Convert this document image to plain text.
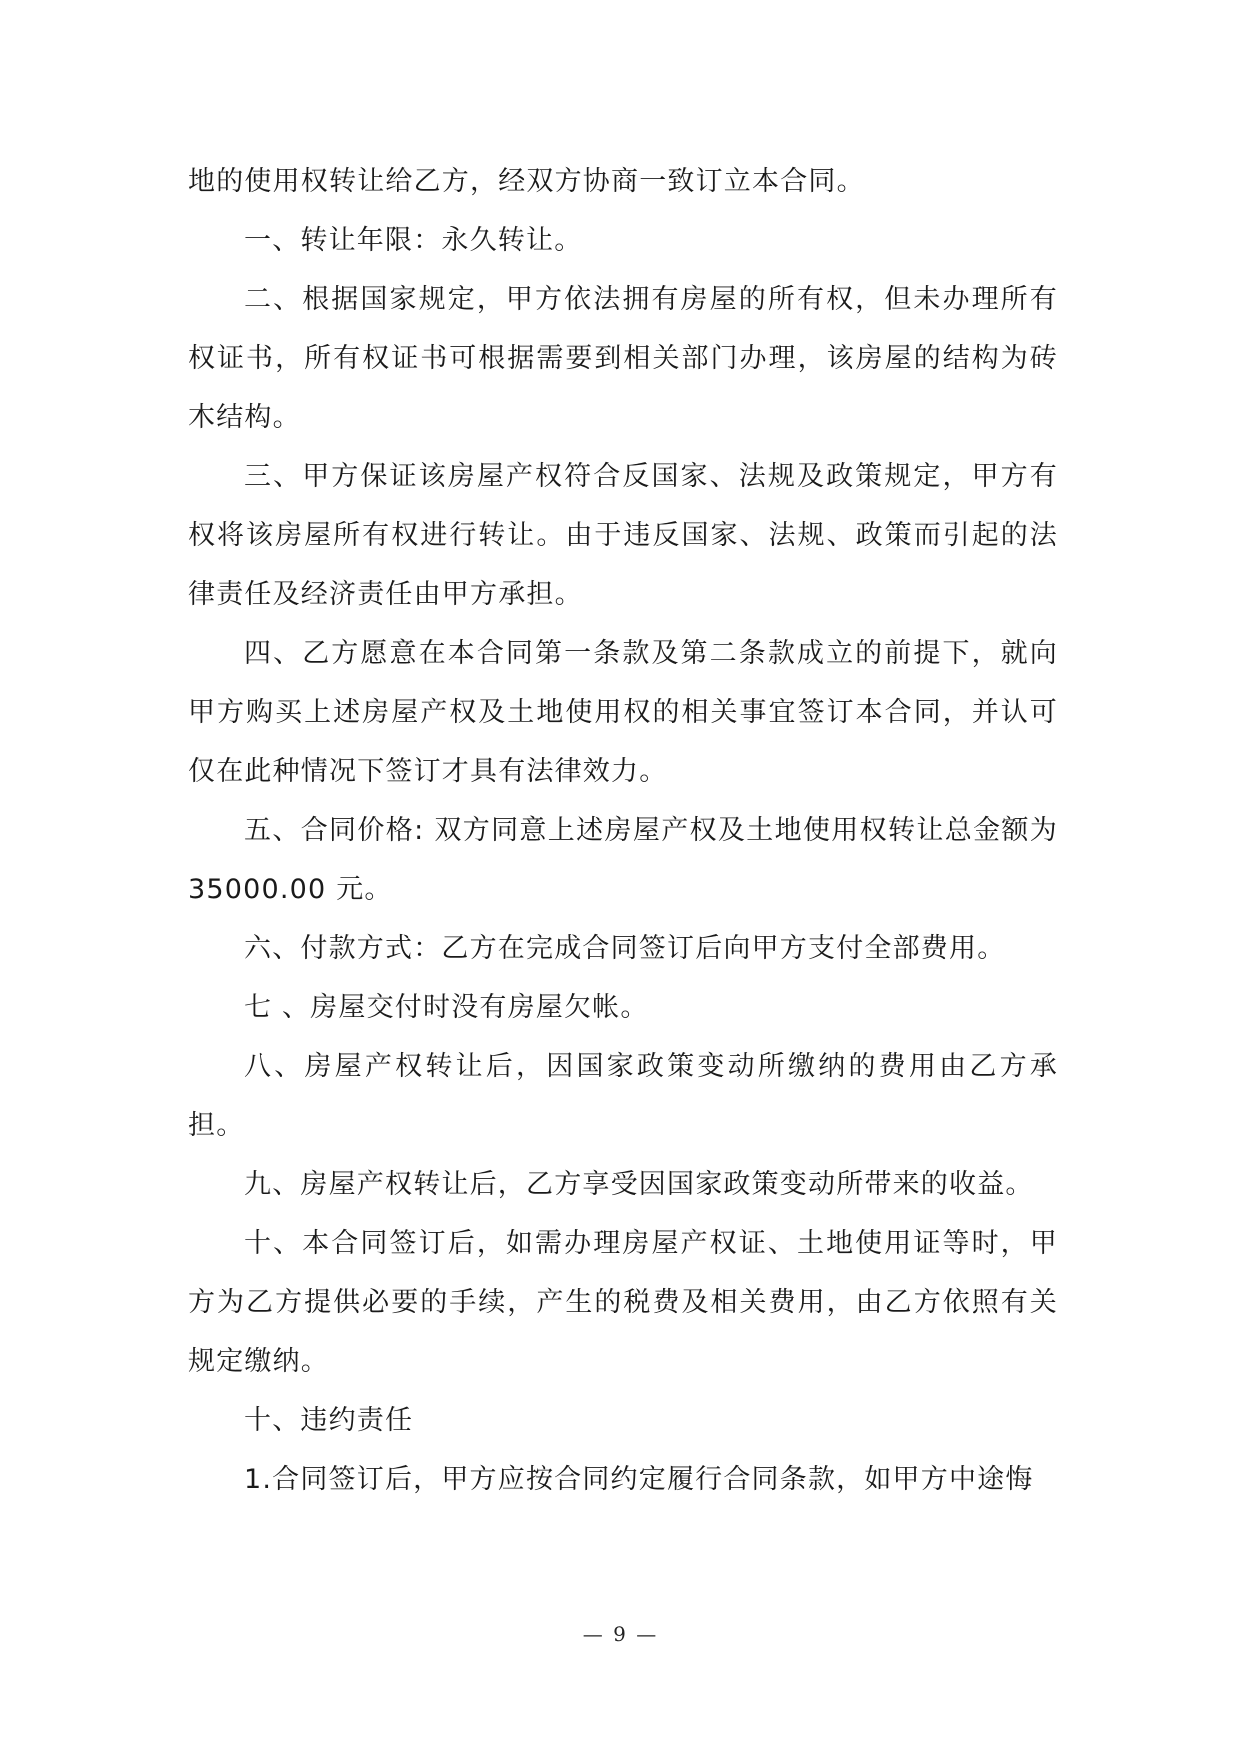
地的使用权转让给乙方，经双方协商一致订立本合同。

一、转让年限：永久转让。

二、根据国家规定，甲方依法拥有房屋的所有权，但未办理所有权证书，所有权证书可根据需要到相关部门办理，该房屋的结构为砖木结构。

三、甲方保证该房屋产权符合反国家、法规及政策规定，甲方有权将该房屋所有权进行转让。由于违反国家、法规、政策而引起的法律责任及经济责任由甲方承担。

四、乙方愿意在本合同第一条款及第二条款成立的前提下，就向甲方购买上述房屋产权及土地使用权的相关事宜签订本合同，并认可仅在此种情况下签订才具有法律效力。

五、合同价格: 双方同意上述房屋产权及土地使用权转让总金额为 35000.00 元。

六、付款方式：乙方在完成合同签订后向甲方支付全部费用。

七 、房屋交付时没有房屋欠帐。

八、房屋产权转让后，因国家政策变动所缴纳的费用由乙方承担。

九、房屋产权转让后，乙方享受因国家政策变动所带来的收益。

十、本合同签订后，如需办理房屋产权证、土地使用证等时，甲方为乙方提供必要的手续，产生的税费及相关费用，由乙方依照有关规定缴纳。

十、违约责任

1.合同签订后，甲方应按合同约定履行合同条款，如甲方中途悔

— 9 —
